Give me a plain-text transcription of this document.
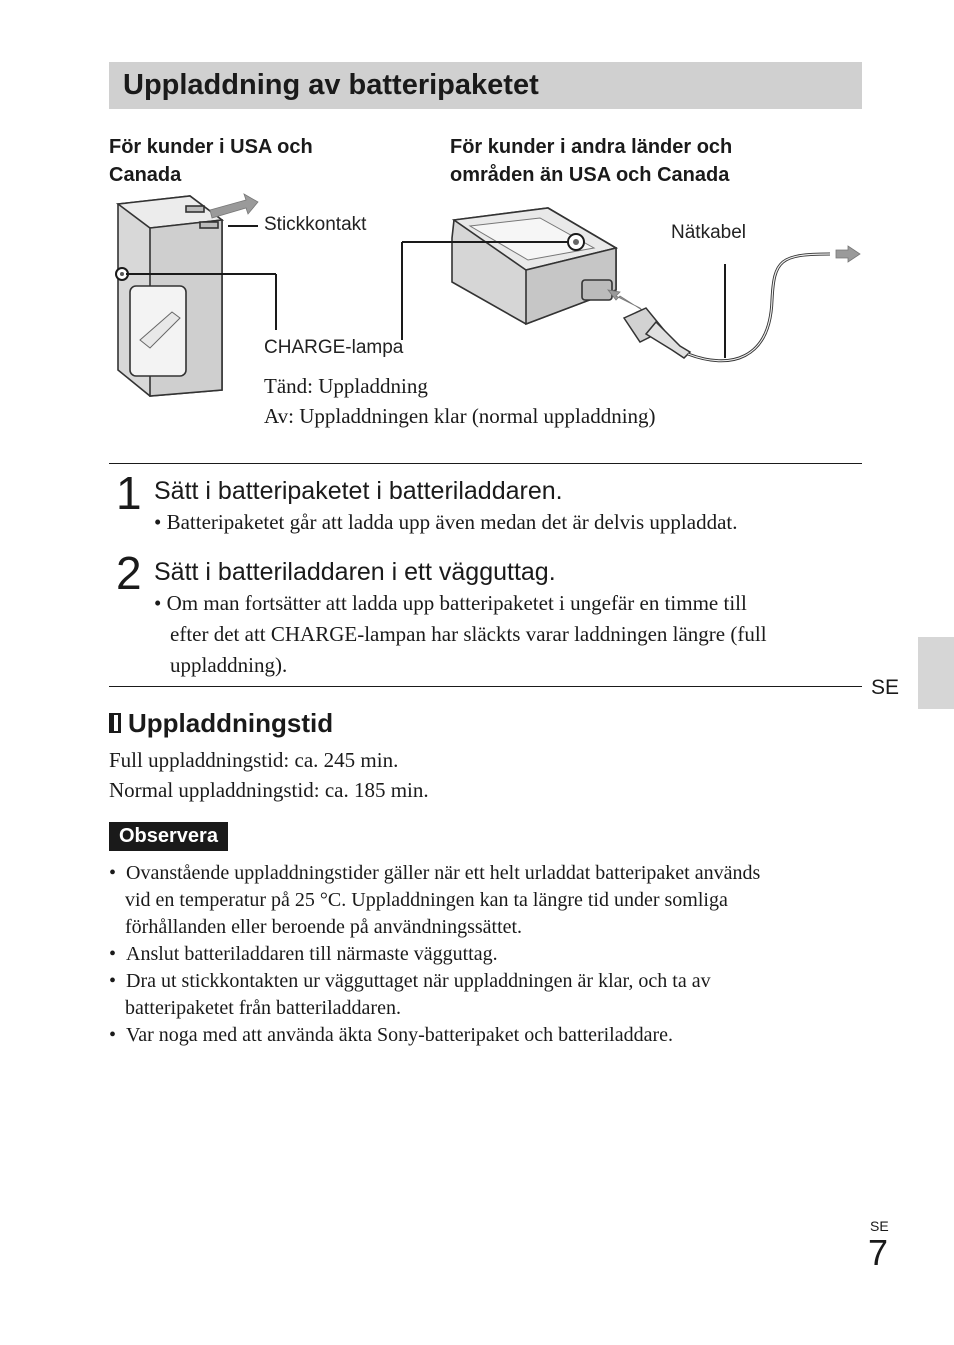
Uppladdning av batteripaketet
För kunder i USA och
Canada
För kunder i andra länder och
områden än USA och Canada
Stickkontakt	Nätkabel
CHARGE-lampa
Tänd: Uppladdning
Av: Uppladdningen klar (normal uppladdning)
1 Sätt i batteripaketet i batteriladdaren.
• Batteripaketet går att ladda upp även medan det är delvis uppladdat.
2 Sätt i batteriladdaren i ett vägguttag.
• Om man fortsätter att ladda upp batteripaketet i ungefär en timme till
efter det att CHARGE-lampan har släckts varar laddningen längre (full
uppladdning).
SE
Uppladdningstid
Full uppladdningstid: ca. 245 min.
Normal uppladdningstid: ca. 185 min.
Observera
• Ovanstående uppladdningstider gäller när ett helt urladdat batteripaket används
vid en temperatur på 25 °C. Uppladdningen kan ta längre tid under somliga
förhållanden eller beroende på användningssättet.
• Anslut batteriladdaren till närmaste vägguttag.
• Dra ut stickkontakten ur vägguttaget när uppladdningen är klar, och ta av
batteripaketet från batteriladdaren.
• Var noga med att använda äkta Sony-batteripaket och batteriladdare.
SE
7
